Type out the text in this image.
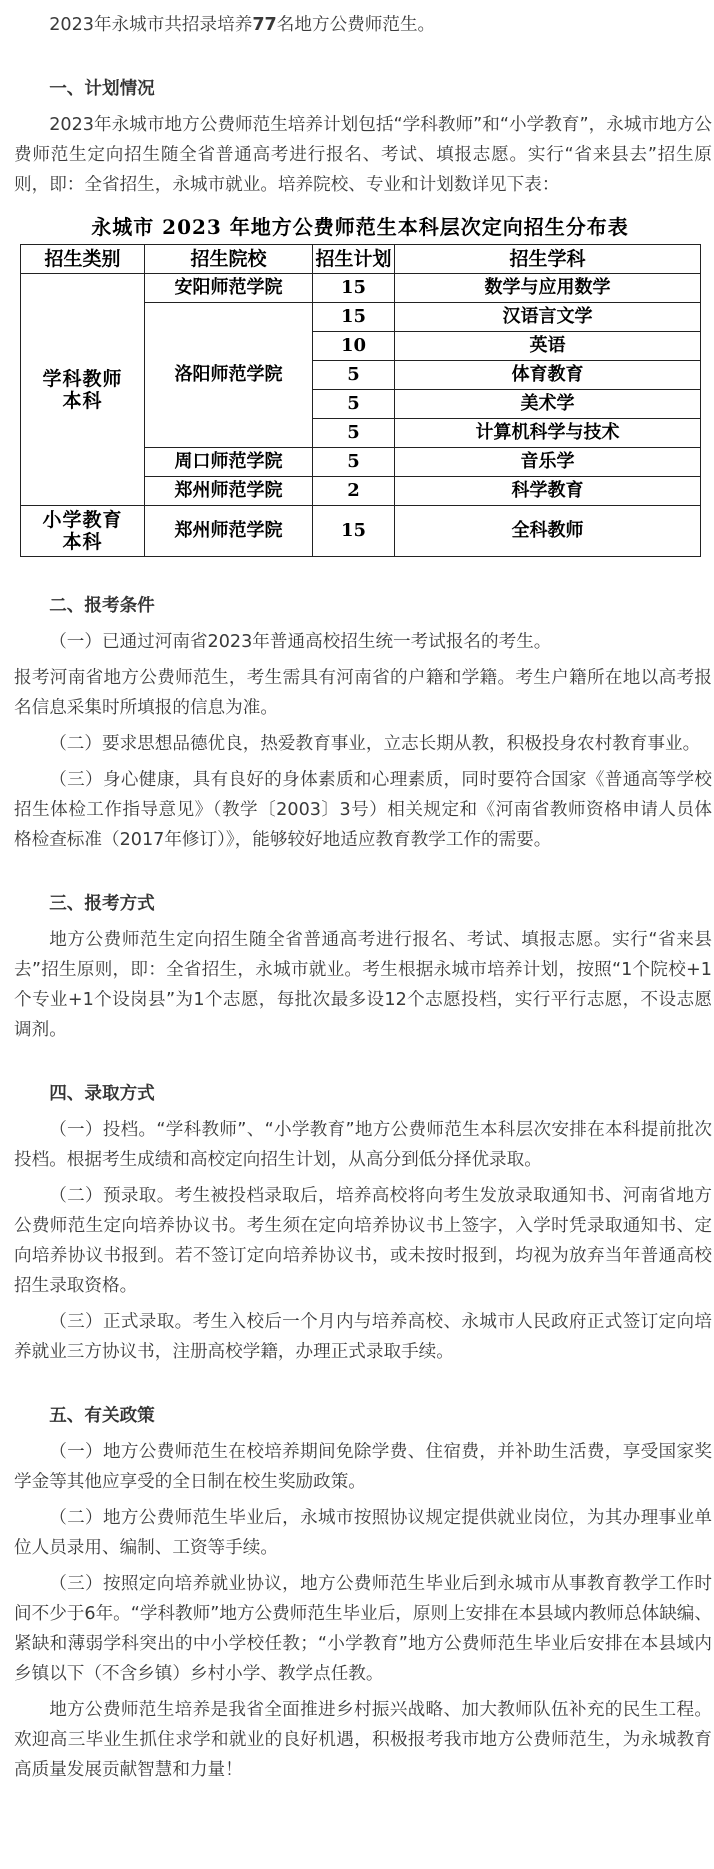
2023年永城市共招录培养77名地方公费师范生。

一、计划情况

2023年永城市地方公费师范生培养计划包括“学科教师”和“小学教育”，永城市地方公费师范生定向招生随全省普通高考进行报名、考试、填报志愿。实行“省来县去”招生原则，即：全省招生，永城市就业。培养院校、专业和计划数详见下表：

永城市 2023 年地方公费师范生本科层次定向招生分布表
招生类别	招生院校	招生计划	招生学科
学科教师
本科	安阳师范学院	15	数学与应用数学
	洛阳师范学院	15	汉语言文学
		10	英语
		5	体育教育
		5	美术学
		5	计算机科学与技术
	周口师范学院	5	音乐学
	郑州师范学院	2	科学教育
小学教育
本科	郑州师范学院	15	全科教师

二、报考条件

（一）已通过河南省2023年普通高校招生统一考试报名的考生。

报考河南省地方公费师范生，考生需具有河南省的户籍和学籍。考生户籍所在地以高考报名信息采集时所填报的信息为准。

（二）要求思想品德优良，热爱教育事业，立志长期从教，积极投身农村教育事业。

（三）身心健康，具有良好的身体素质和心理素质，同时要符合国家《普通高等学校招生体检工作指导意见》（教学〔2003〕3号）相关规定和《河南省教师资格申请人员体格检查标准（2017年修订）》，能够较好地适应教育教学工作的需要。

三、报考方式

地方公费师范生定向招生随全省普通高考进行报名、考试、填报志愿。实行“省来县去”招生原则，即：全省招生，永城市就业。考生根据永城市培养计划，按照“1个院校+1个专业+1个设岗县”为1个志愿，每批次最多设12个志愿投档，实行平行志愿，不设志愿调剂。

四、录取方式

（一）投档。“学科教师”、“小学教育”地方公费师范生本科层次安排在本科提前批次投档。根据考生成绩和高校定向招生计划，从高分到低分择优录取。

（二）预录取。考生被投档录取后，培养高校将向考生发放录取通知书、河南省地方公费师范生定向培养协议书。考生须在定向培养协议书上签字，入学时凭录取通知书、定向培养协议书报到。若不签订定向培养协议书，或未按时报到，均视为放弃当年普通高校招生录取资格。

（三）正式录取。考生入校后一个月内与培养高校、永城市人民政府正式签订定向培养就业三方协议书，注册高校学籍，办理正式录取手续。

五、有关政策

（一）地方公费师范生在校培养期间免除学费、住宿费，并补助生活费，享受国家奖学金等其他应享受的全日制在校生奖励政策。

（二）地方公费师范生毕业后，永城市按照协议规定提供就业岗位，为其办理事业单位人员录用、编制、工资等手续。

（三）按照定向培养就业协议，地方公费师范生毕业后到永城市从事教育教学工作时间不少于6年。“学科教师”地方公费师范生毕业后，原则上安排在本县域内教师总体缺编、紧缺和薄弱学科突出的中小学校任教；“小学教育”地方公费师范生毕业后安排在本县域内乡镇以下（不含乡镇）乡村小学、教学点任教。

地方公费师范生培养是我省全面推进乡村振兴战略、加大教师队伍补充的民生工程。欢迎高三毕业生抓住求学和就业的良好机遇，积极报考我市地方公费师范生，为永城教育高质量发展贡献智慧和力量！
